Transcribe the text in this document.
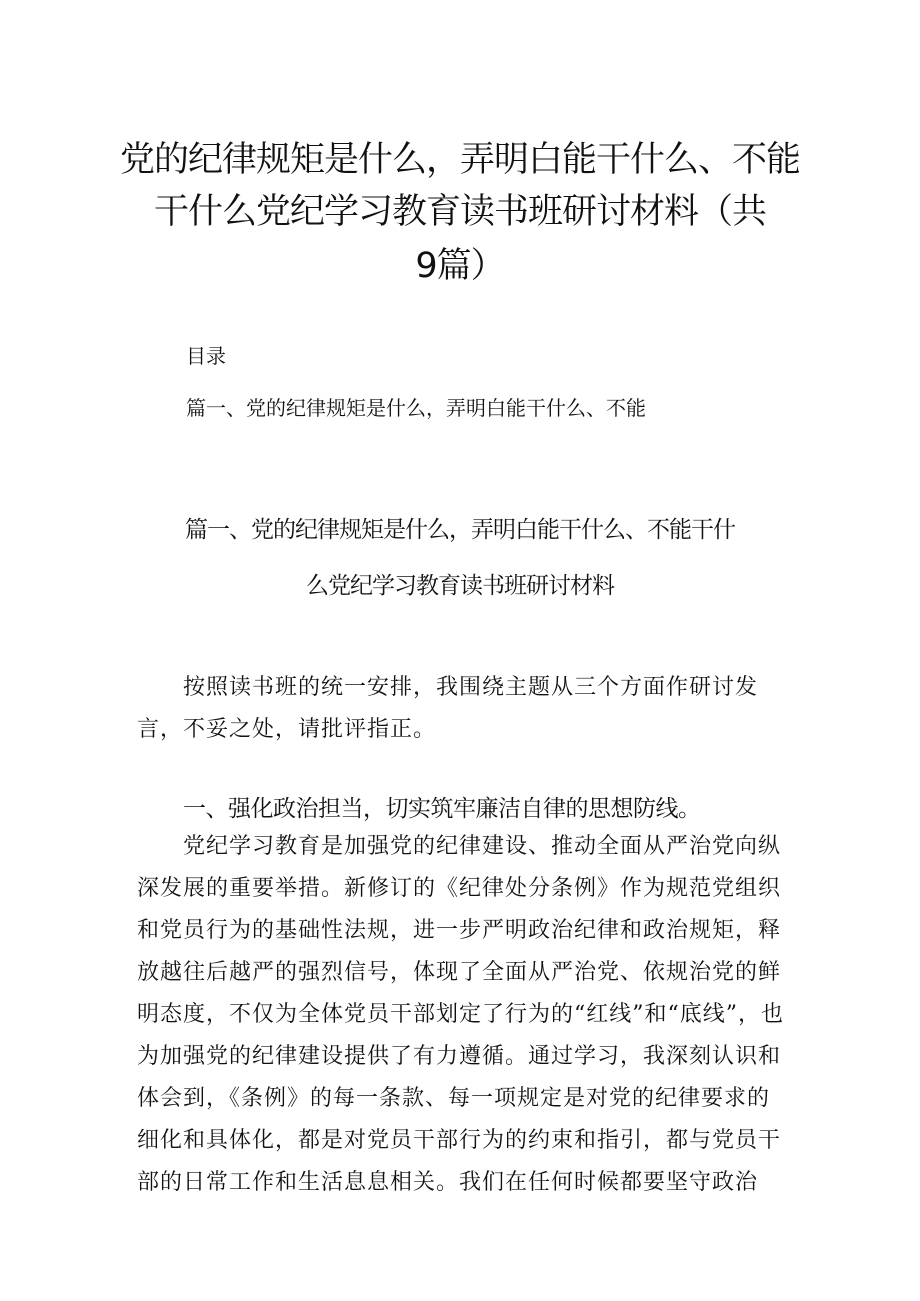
党的纪律规矩是什么，弄明白能干什么、不能

干什么党纪学习教育读书班研讨材料（共

9篇）

目录

篇一、党的纪律规矩是什么，弄明白能干什么、不能

篇一、党的纪律规矩是什么，弄明白能干什么、不能干什

么党纪学习教育读书班研讨材料

按照读书班的统一安排，我围绕主题从三个方面作研讨发言，不妥之处，请批评指正。

一、强化政治担当，切实筑牢廉洁自律的思想防线。

党纪学习教育是加强党的纪律建设、推动全面从严治党向纵深发展的重要举措。新修订的《纪律处分条例》作为规范党组织和党员行为的基础性法规，进一步严明政治纪律和政治规矩，释放越往后越严的强烈信号，体现了全面从严治党、依规治党的鲜明态度，不仅为全体党员干部划定了行为的“红线”和“底线”，也为加强党的纪律建设提供了有力遵循。通过学习，我深刻认识和体会到，《条例》的每一条款、每一项规定是对党的纪律要求的细化和具体化，都是对党员干部行为的约束和指引，都与党员干部的日常工作和生活息息相关。我们在任何时候都要坚守政治
